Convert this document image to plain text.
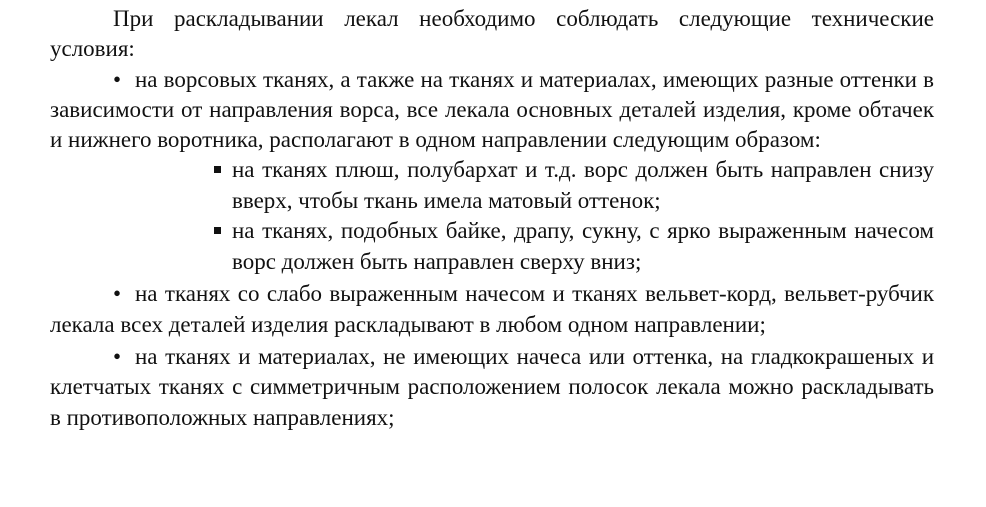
При раскладывании лекал необходимо соблюдать следующие технические условия:

• на ворсовых тканях, а также на тканях и материалах, имеющих разные оттенки в зависимости от направления ворса, все лекала основных деталей изделия, кроме обтачек и нижнего воротника, располагают в одном направлении следующим образом:

на тканях плюш, полубархат и т.д. ворс должен быть направлен снизу вверх, чтобы ткань имела матовый оттенок;

на тканях, подобных байке, драпу, сукну, с ярко выраженным начесом ворс должен быть направлен сверху вниз;

• на тканях со слабо выраженным начесом и тканях вельвет-корд, вельвет-рубчик лекала всех деталей изделия раскладывают в любом одном направлении;

• на тканях и материалах, не имеющих начеса или оттенка, на гладкокрашеных и клетчатых тканях с симметричным расположением полосок лекала можно раскладывать в противоположных направлениях;
